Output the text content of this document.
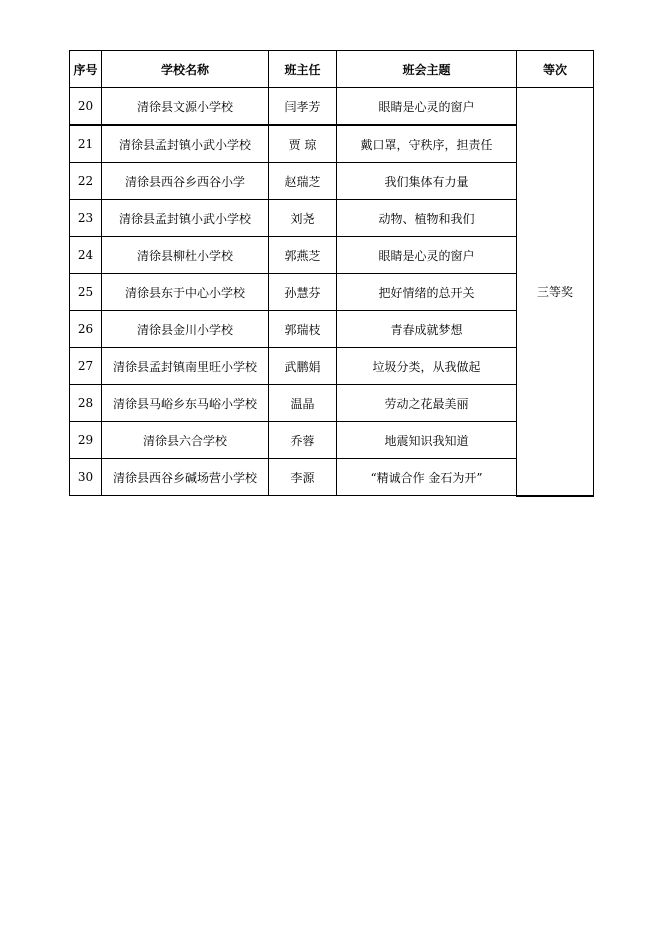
序号	学校名称	班主任	班会主题	等次
20	清徐县文源小学校	闫孝芳	眼睛是心灵的窗户	三等奖
21	清徐县孟封镇小武小学校	贾 琼	戴口罩，守秩序，担责任	
22	清徐县西谷乡西谷小学	赵瑞芝	我们集体有力量	
23	清徐县孟封镇小武小学校	刘尧	动物、植物和我们	
24	清徐县柳杜小学校	郭燕芝	眼睛是心灵的窗户	
25	清徐县东于中心小学校	孙慧芬	把好情绪的总开关	
26	清徐县金川小学校	郭瑞枝	青春成就梦想	
27	清徐县孟封镇南里旺小学校	武鹏娟	垃圾分类，从我做起	
28	清徐县马峪乡东马峪小学校	温晶	劳动之花最美丽	
29	清徐县六合学校	乔蓉	地震知识我知道	
30	清徐县西谷乡碱场营小学校	李源	“精诚合作 金石为开”	
